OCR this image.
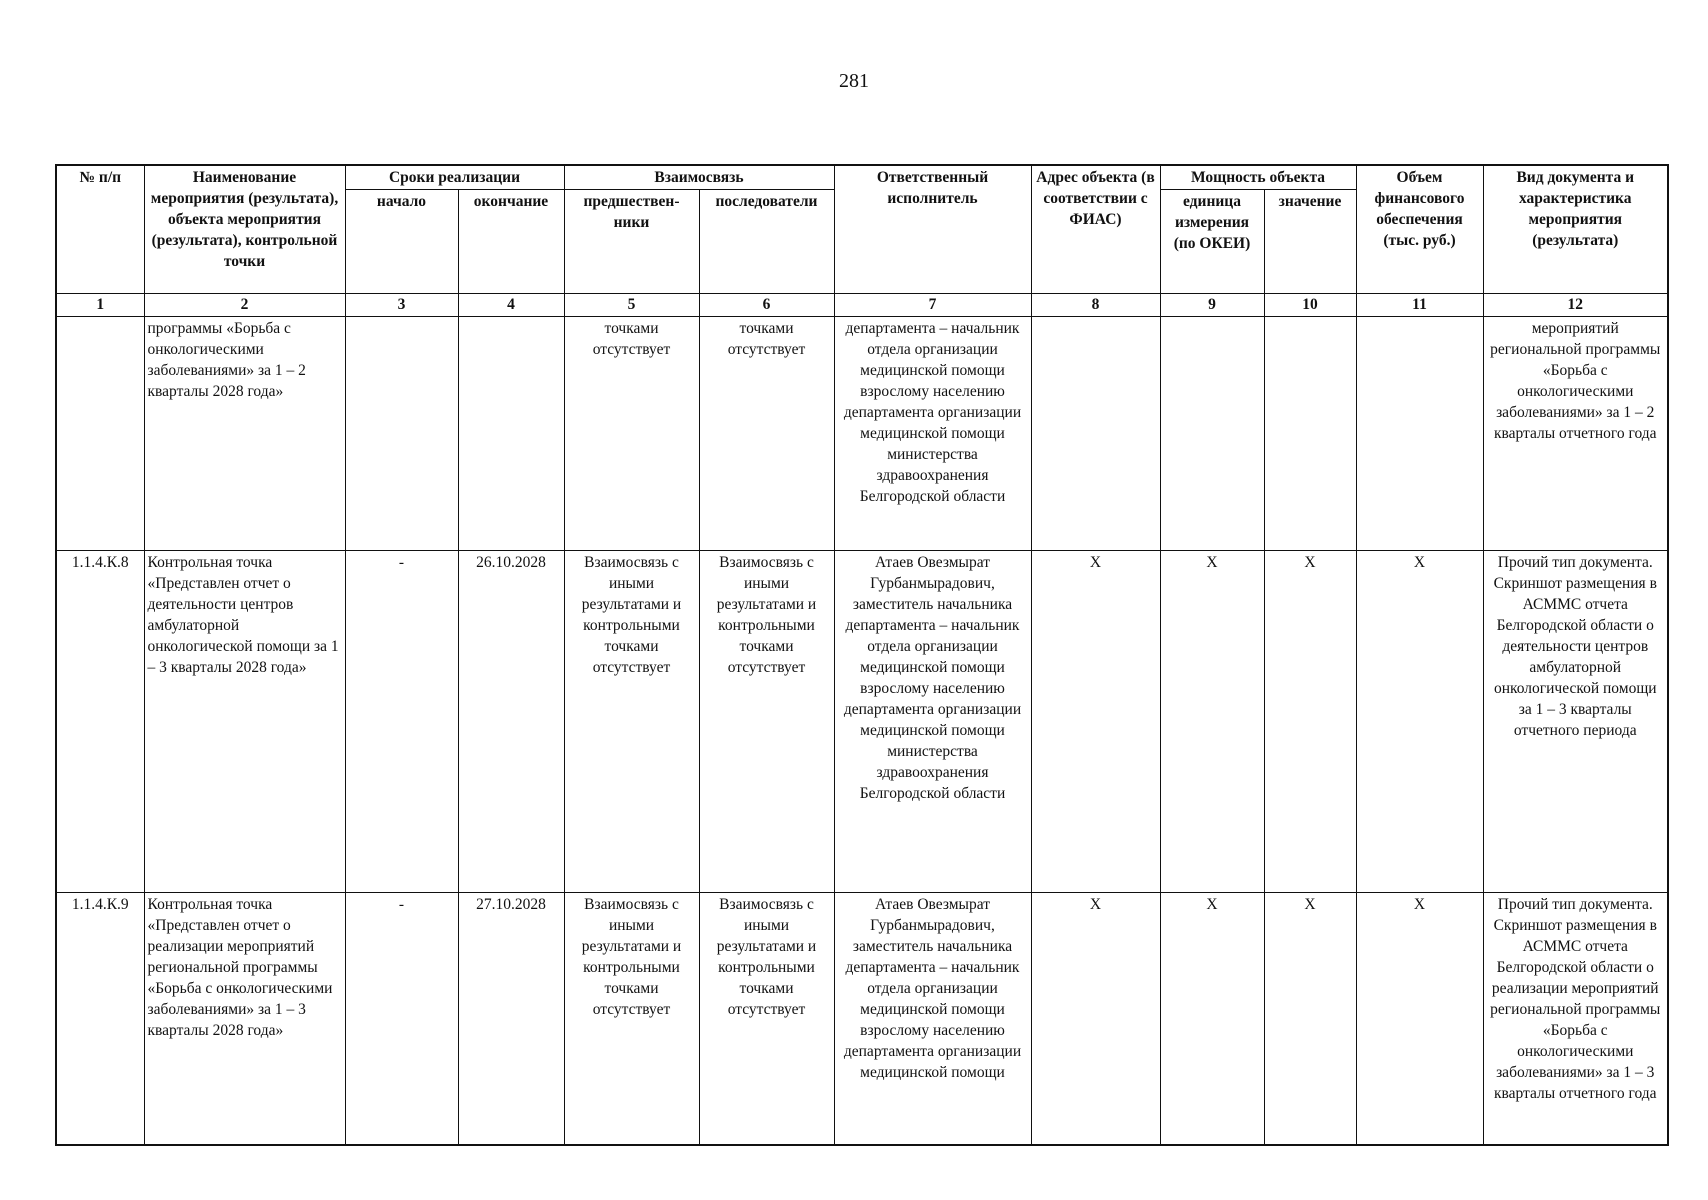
281
№ п/п	Наименование мероприятия (результата), объекта мероприятия (результата), контрольной точки	Сроки реализации		Взаимосвязь		Ответственный исполнитель	Адрес объекта (в соответствии с ФИАС)	Мощность объекта		Объем финансового обеспечения (тыс. руб.)	Вид документа и характеристика мероприятия (результата)
		начало	окончание	предшествен-ники	последователи			единица измерения (по ОКЕИ)	значение		
1	2	3	4	5	6	7	8	9	10	11	12
	программы «Борьба с онкологическими заболеваниями» за 1 – 2 кварталы 2028 года»			точками отсутствует	точками отсутствует	департамента – начальник отдела организации медицинской помощи взрослому населению департамента организации медицинской помощи министерства здравоохранения Белгородской области					мероприятий региональной программы «Борьба с онкологическими заболеваниями» за 1 – 2 кварталы отчетного года
1.1.4.К.8	Контрольная точка «Представлен отчет о деятельности центров амбулаторной онкологической помощи за 1 – 3 кварталы 2028 года»	-	26.10.2028	Взаимосвязь с иными результатами и контрольными точками отсутствует	Взаимосвязь с иными результатами и контрольными точками отсутствует	Атаев Овезмырат Гурбанмырадович, заместитель начальника департамента – начальник отдела организации медицинской помощи взрослому населению департамента организации медицинской помощи министерства здравоохранения Белгородской области	Х	Х	Х	Х	Прочий тип документа. Скриншот размещения в АСММС отчета Белгородской области о деятельности центров амбулаторной онкологической помощи за 1 – 3 кварталы отчетного периода
1.1.4.К.9	Контрольная точка «Представлен отчет о реализации мероприятий региональной программы «Борьба с онкологическими заболеваниями» за 1 – 3 кварталы 2028 года»	-	27.10.2028	Взаимосвязь с иными результатами и контрольными точками отсутствует	Взаимосвязь с иными результатами и контрольными точками отсутствует	Атаев Овезмырат Гурбанмырадович, заместитель начальника департамента – начальник отдела организации медицинской помощи взрослому населению департамента организации медицинской помощи	Х	Х	Х	Х	Прочий тип документа. Скриншот размещения в АСММС отчета Белгородской области о реализации мероприятий региональной программы «Борьба с онкологическими заболеваниями» за 1 – 3 кварталы отчетного года
